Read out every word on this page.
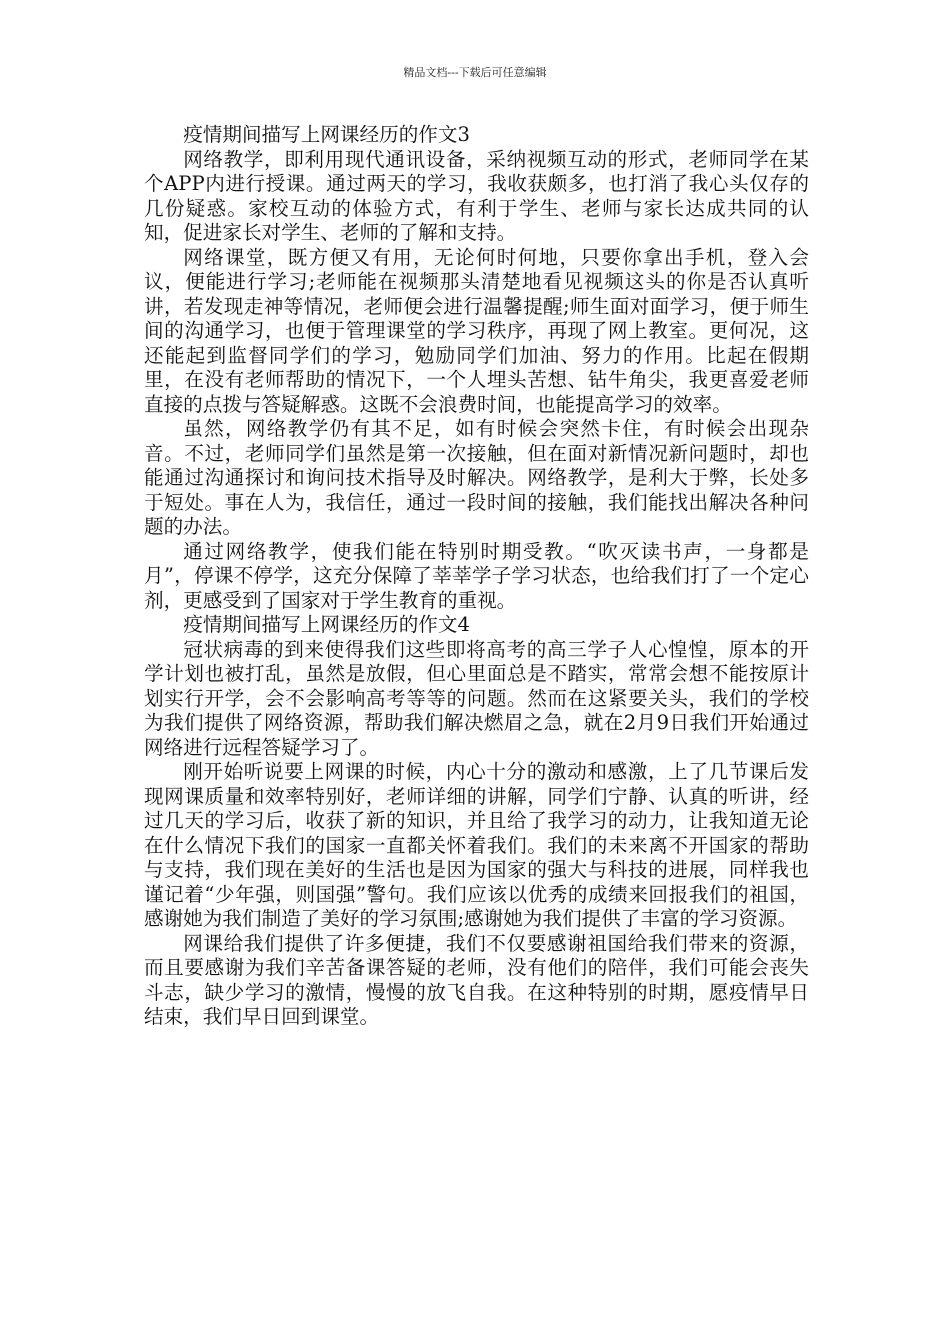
精品文档---下载后可任意编辑

疫情期间描写上网课经历的作文3

网络教学，即利用现代通讯设备，采纳视频互动的形式，老师同学在某个APP内进行授课。通过两天的学习，我收获颇多，也打消了我心头仅存的几份疑惑。家校互动的体验方式，有利于学生、老师与家长达成共同的认知，促进家长对学生、老师的了解和支持。

网络课堂，既方便又有用，无论何时何地，只要你拿出手机，登入会议，便能进行学习;老师能在视频那头清楚地看见视频这头的你是否认真听讲，若发现走神等情况，老师便会进行温馨提醒;师生面对面学习，便于师生间的沟通学习，也便于管理课堂的学习秩序，再现了网上教室。更何况，这还能起到监督同学们的学习，勉励同学们加油、努力的作用。比起在假期里，在没有老师帮助的情况下，一个人埋头苦想、钻牛角尖，我更喜爱老师直接的点拨与答疑解惑。这既不会浪费时间，也能提高学习的效率。

虽然，网络教学仍有其不足，如有时候会突然卡住，有时候会出现杂音。不过，老师同学们虽然是第一次接触，但在面对新情况新问题时，却也能通过沟通探讨和询问技术指导及时解决。网络教学，是利大于弊，长处多于短处。事在人为，我信任，通过一段时间的接触，我们能找出解决各种问题的办法。

通过网络教学，使我们能在特别时期受教。“吹灭读书声，一身都是月”，停课不停学，这充分保障了莘莘学子学习状态，也给我们打了一个定心剂，更感受到了国家对于学生教育的重视。

疫情期间描写上网课经历的作文4

冠状病毒的到来使得我们这些即将高考的高三学子人心惶惶，原本的开学计划也被打乱，虽然是放假，但心里面总是不踏实，常常会想不能按原计划实行开学，会不会影响高考等等的问题。然而在这紧要关头，我们的学校为我们提供了网络资源，帮助我们解决燃眉之急，就在2月9日我们开始通过网络进行远程答疑学习了。

刚开始听说要上网课的时候，内心十分的激动和感激，上了几节课后发现网课质量和效率特别好，老师详细的讲解，同学们宁静、认真的听讲，经过几天的学习后，收获了新的知识，并且给了我学习的动力，让我知道无论在什么情况下我们的国家一直都关怀着我们。我们的未来离不开国家的帮助与支持，我们现在美好的生活也是因为国家的强大与科技的进展，同样我也谨记着“少年强，则国强”警句。我们应该以优秀的成绩来回报我们的祖国，感谢她为我们制造了美好的学习氛围;感谢她为我们提供了丰富的学习资源。

网课给我们提供了许多便捷，我们不仅要感谢祖国给我们带来的资源，而且要感谢为我们辛苦备课答疑的老师，没有他们的陪伴，我们可能会丧失斗志，缺少学习的激情，慢慢的放飞自我。在这种特别的时期，愿疫情早日结束，我们早日回到课堂。
